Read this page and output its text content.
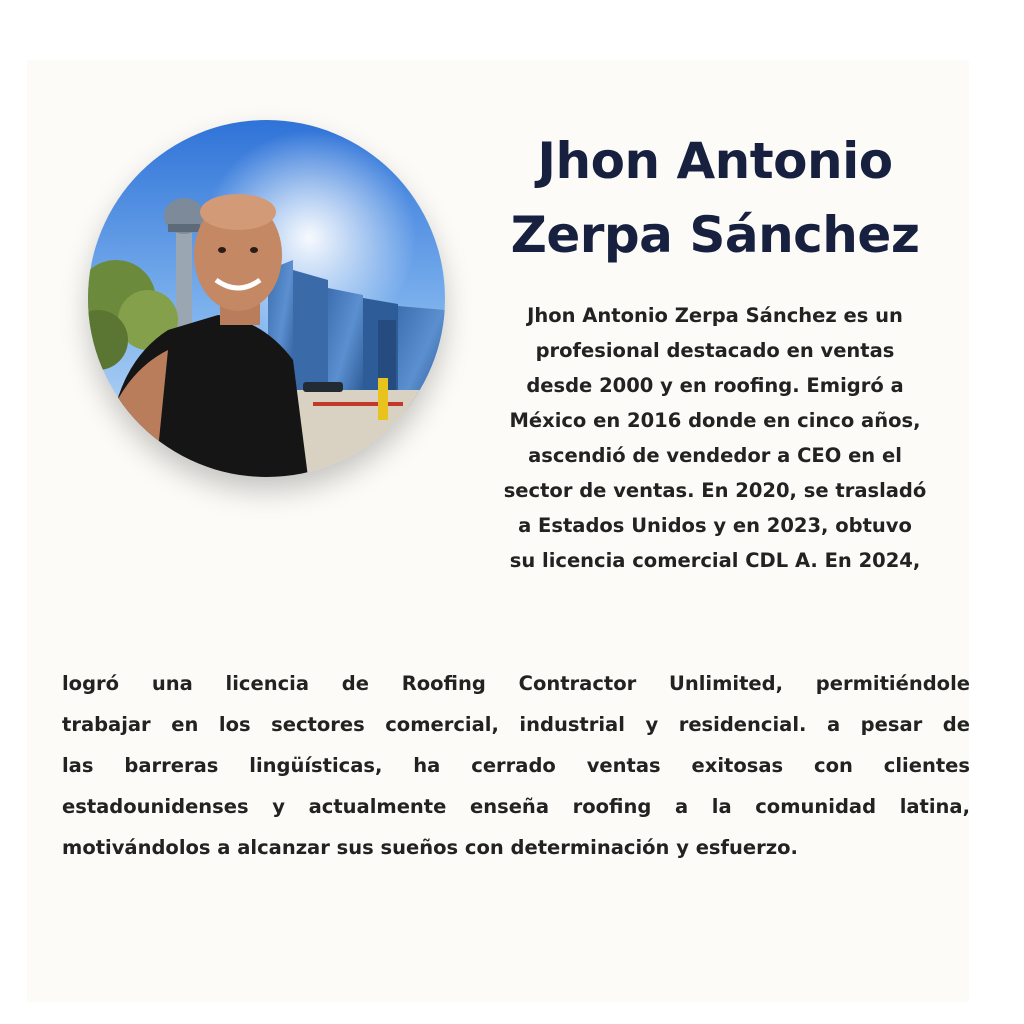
Jhon Antonio
Zerpa Sánchez

Jhon Antonio Zerpa Sánchez es un
profesional destacado en ventas
desde 2000 y en roofing. Emigró a
México en 2016 donde en cinco años,
ascendió de vendedor a CEO en el
sector de ventas. En 2020, se trasladó
a Estados Unidos y en 2023, obtuvo
su licencia comercial CDL A. En 2024,

logró una licencia de Roofing Contractor Unlimited, permitiéndole
trabajar en los sectores comercial, industrial y residencial. a pesar de
las barreras lingüísticas, ha cerrado ventas exitosas con clientes
estadounidenses y actualmente enseña roofing a la comunidad latina,
motivándolos a alcanzar sus sueños con determinación y esfuerzo.
